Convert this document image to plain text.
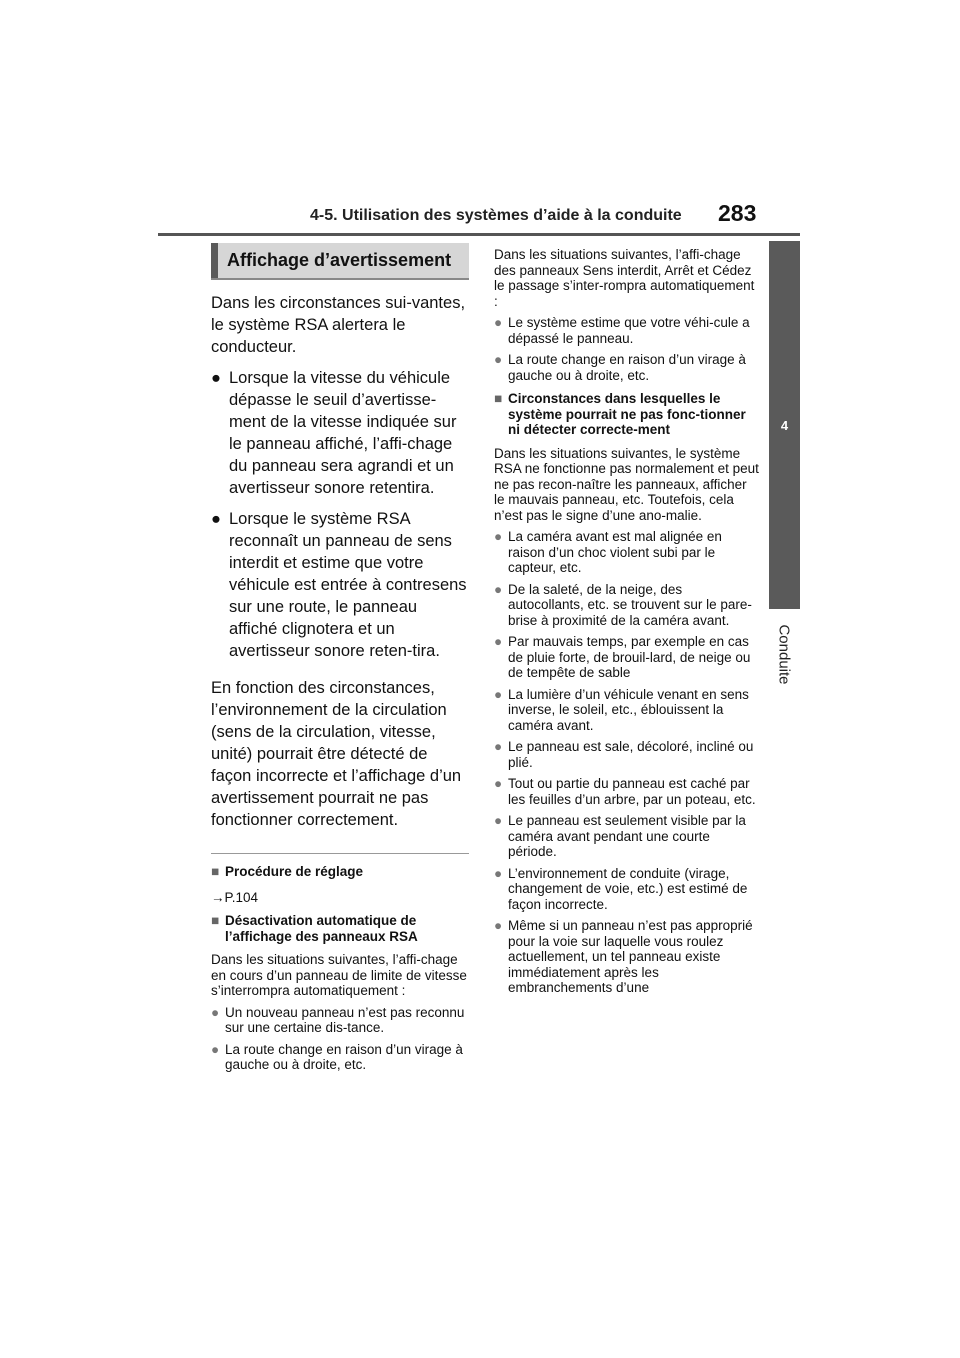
4-5. Utilisation des systèmes d’aide à la conduite 283
4
Conduite
Affichage d’avertissement
Dans les circonstances sui-vantes, le système RSA alertera le conducteur.
● Lorsque la vitesse du véhicule dépasse le seuil d’avertisse-ment de la vitesse indiquée sur le panneau affiché, l’affi-chage du panneau sera agrandi et un avertisseur sonore retentira.
● Lorsque le système RSA reconnaît un panneau de sens interdit et estime que votre véhicule est entrée à contresens sur une route, le panneau affiché clignotera et un avertisseur sonore reten-tira.
En fonction des circonstances, l’environnement de la circulation (sens de la circulation, vitesse, unité) pourrait être détecté de façon incorrecte et l’affichage d’un avertissement pourrait ne pas fonctionner correctement.
■ Procédure de réglage
→P.104
■ Désactivation automatique de l’affichage des panneaux RSA
Dans les situations suivantes, l’affi-chage en cours d’un panneau de limite de vitesse s’interrompra automatiquement :
● Un nouveau panneau n’est pas reconnu sur une certaine dis-tance.
● La route change en raison d’un virage à gauche ou à droite, etc.
Dans les situations suivantes, l’affi-chage des panneaux Sens interdit, Arrêt et Cédez le passage s’inter-rompra automatiquement :
● Le système estime que votre véhi-cule a dépassé le panneau.
● La route change en raison d’un virage à gauche ou à droite, etc.
■ Circonstances dans lesquelles le système pourrait ne pas fonc-tionner ni détecter correcte-ment
Dans les situations suivantes, le système RSA ne fonctionne pas normalement et peut ne pas recon-naître les panneaux, afficher le mauvais panneau, etc. Toutefois, cela n’est pas le signe d’une ano-malie.
● La caméra avant est mal alignée en raison d’un choc violent subi par le capteur, etc.
● De la saleté, de la neige, des autocollants, etc. se trouvent sur le pare-brise à proximité de la caméra avant.
● Par mauvais temps, par exemple en cas de pluie forte, de brouil-lard, de neige ou de tempête de sable
● La lumière d’un véhicule venant en sens inverse, le soleil, etc., éblouissent la caméra avant.
● Le panneau est sale, décoloré, incliné ou plié.
● Tout ou partie du panneau est caché par les feuilles d’un arbre, par un poteau, etc.
● Le panneau est seulement visible par la caméra avant pendant une courte période.
● L’environnement de conduite (virage, changement de voie, etc.) est estimé de façon incorrecte.
● Même si un panneau n’est pas approprié pour la voie sur laquelle vous roulez actuellement, un tel panneau existe immédiatement après les embranchements d’une
